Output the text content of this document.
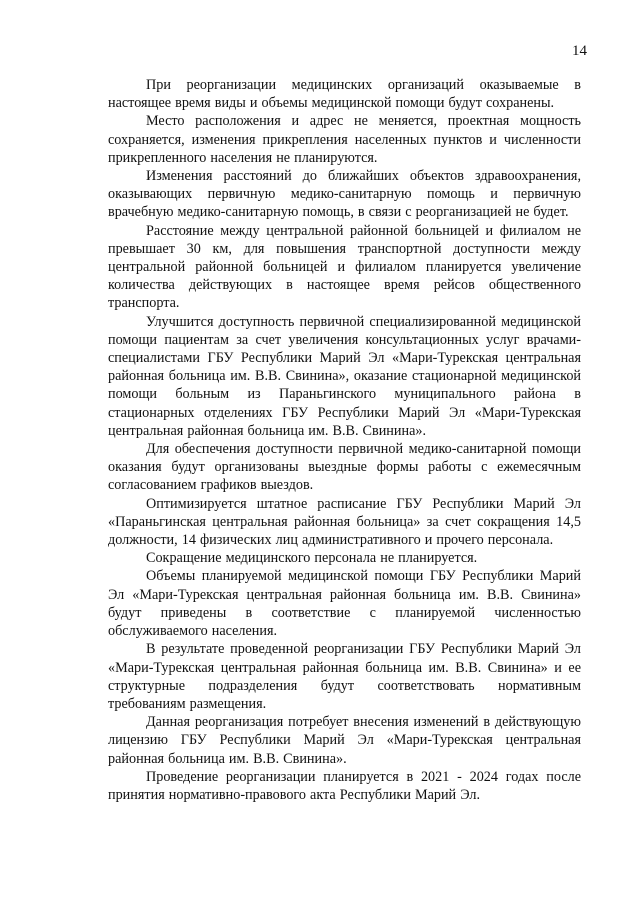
14

При реорганизации медицинских организаций оказываемые в настоящее время виды и объемы медицинской помощи будут сохранены.

Место расположения и адрес не меняется, проектная мощность сохраняется, изменения прикрепления населенных пунктов и численности прикрепленного населения не планируются.

Изменения расстояний до ближайших объектов здравоохранения, оказывающих первичную медико-санитарную помощь и первичную врачебную медико-санитарную помощь, в связи с реорганизацией не будет.

Расстояние между центральной районной больницей и филиалом не превышает 30 км, для повышения транспортной доступности между центральной районной больницей и филиалом планируется увеличение количества действующих в настоящее время рейсов общественного транспорта.

Улучшится доступность первичной специализированной медицинской помощи пациентам за счет увеличения консультационных услуг врачами-специалистами ГБУ Республики Марий Эл «Мари-Турекская центральная районная больница им. В.В. Свинина», оказание стационарной медицинской помощи больным из Параньгинского муниципального района в стационарных отделениях ГБУ Республики Марий Эл «Мари-Турекская центральная районная больница им. В.В. Свинина».

Для обеспечения доступности первичной медико-санитарной помощи оказания будут организованы выездные формы работы с ежемесячным согласованием графиков выездов.

Оптимизируется штатное расписание ГБУ Республики Марий Эл «Параньгинская центральная районная больница» за счет сокращения 14,5 должности, 14 физических лиц административного и прочего персонала.

Сокращение медицинского персонала не планируется.

Объемы планируемой медицинской помощи ГБУ Республики Марий Эл «Мари-Турекская центральная районная больница им. В.В. Свинина» будут приведены в соответствие с планируемой численностью обслуживаемого населения.

В результате проведенной реорганизации ГБУ Республики Марий Эл «Мари-Турекская центральная районная больница им. В.В. Свинина» и ее структурные подразделения будут соответствовать нормативным требованиям размещения.

Данная реорганизация потребует внесения изменений в действующую лицензию ГБУ Республики Марий Эл «Мари-Турекская центральная районная больница им. В.В. Свинина».

Проведение реорганизации планируется в 2021 - 2024 годах после принятия нормативно-правового акта Республики Марий Эл.
